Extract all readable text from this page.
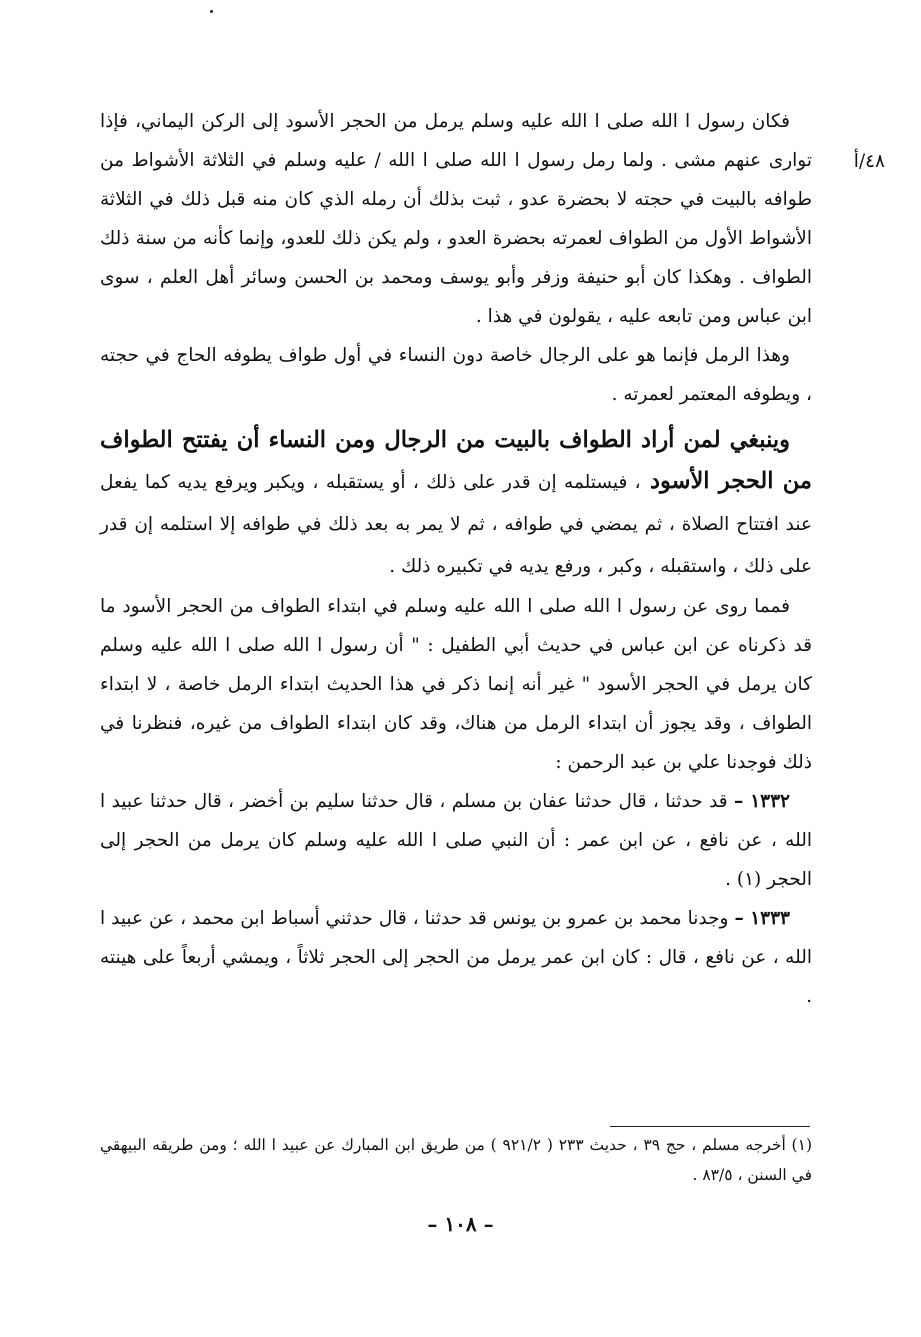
٤٨/أ

فكان رسول ا الله صلى ا الله عليه وسلم يرمل من الحجر الأسود إلى الركن اليماني، فإذا توارى عنهم مشى . ولما رمل رسول ا الله صلى ا الله / عليه وسلم في الثلاثة الأشواط من طوافه بالبيت في حجته لا بحضرة عدو ، ثبت بذلك أن رمله الذي كان منه قبل ذلك في الثلاثة الأشواط الأول من الطواف لعمرته بحضرة العدو ، ولم يكن ذلك للعدو، وإنما كأنه من سنة ذلك الطواف . وهكذا كان أبو حنيفة وزفر وأبو يوسف ومحمد بن الحسن وسائر أهل العلم ، سوى ابن عباس ومن تابعه عليه ، يقولون في هذا .

وهذا الرمل فإنما هو على الرجال خاصة دون النساء في أول طواف يطوفه الحاج في حجته ، ويطوفه المعتمر لعمرته .

وينبغي لمن أراد الطواف بالبيت من الرجال ومن النساء أن يفتتح الطواف من الحجر الأسود ، فيستلمه إن قدر على ذلك ، أو يستقبله ، ويكبر ويرفع يديه كما يفعل عند افتتاح الصلاة ، ثم يمضي في طوافه ، ثم لا يمر به بعد ذلك في طوافه إلا استلمه إن قدر على ذلك ، واستقبله ، وكبر ، ورفع يديه في تكبيره ذلك .

فمما روى عن رسول ا الله صلى ا الله عليه وسلم في ابتداء الطواف من الحجر الأسود ما قد ذكرناه عن ابن عباس في حديث أبي الطفيل : " أن رسول ا الله صلى ا الله عليه وسلم كان يرمل في الحجر الأسود " غير أنه إنما ذكر في هذا الحديث ابتداء الرمل خاصة ، لا ابتداء الطواف ، وقد يجوز أن ابتداء الرمل من هناك، وقد كان ابتداء الطواف من غيره، فنظرنا في ذلك فوجدنا علي بن عبد الرحمن :

١٣٣٢ – قد حدثنا ، قال حدثنا عفان بن مسلم ، قال حدثنا سليم بن أخضر ، قال حدثنا عبيد ا الله ، عن نافع ، عن ابن عمر : أن النبي صلى ا الله عليه وسلم كان يرمل من الحجر إلى الحجر (١) .

١٣٣٣ – وجدنا محمد بن عمرو بن يونس قد حدثنا ، قال حدثني أسباط ابن محمد ، عن عبيد ا الله ، عن نافع ، قال : كان ابن عمر يرمل من الحجر إلى الحجر ثلاثاً ، ويمشي أربعاً على هينته .

(١) أخرجه مسلم ، حج ٣٩ ، حديث ٢٣٣ ( ٩٢١/٢ ) من طريق ابن المبارك عن عبيد ا الله ؛ ومن طريقه البيهقي في السنن ، ٨٣/٥ .
– ١٠٨ –
